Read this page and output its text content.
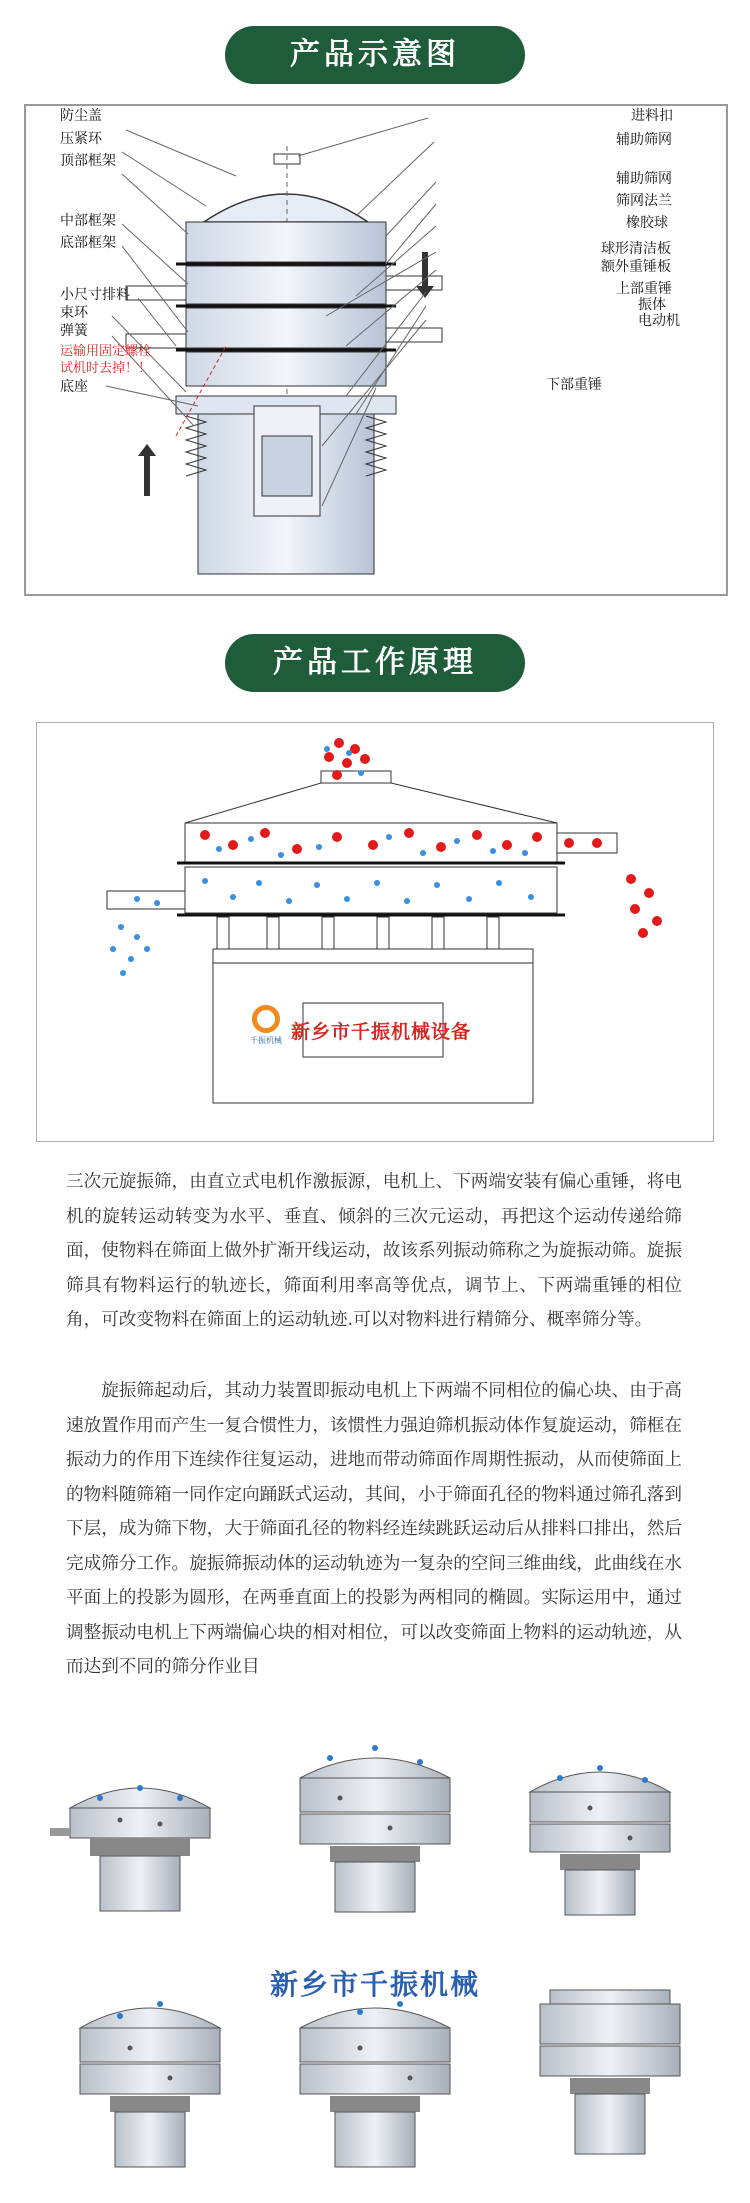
产品示意图
防尘盖
压紧环
顶部框架
中部框架
底部框架
小尺寸排料
束环
弹簧
运输用固定螺栓
试机时去掉！！
底座
进料扣
辅助筛网
辅助筛网
筛网法兰
橡胶球
球形清洁板
额外重锤板
上部重锤
振体
电动机
下部重锤
产品工作原理
千振机械 新乡市千振机械设备
三次元旋振筛，由直立式电机作激振源，电机上、下两端安装有偏心重锤，将电机的旋转运动转变为水平、垂直、倾斜的三次元运动，再把这个运动传递给筛面，使物料在筛面上做外扩渐开线运动，故该系列振动筛称之为旋振动筛。旋振筛具有物料运行的轨迹长，筛面利用率高等优点，调节上、下两端重锤的相位角，可改变物料在筛面上的运动轨迹.可以对物料进行精筛分、概率筛分等。
旋振筛起动后，其动力装置即振动电机上下两端不同相位的偏心块、由于高速放置作用而产生一复合惯性力，该惯性力强迫筛机振动体作复旋运动，筛框在振动力的作用下连续作往复运动，进地而带动筛面作周期性振动，从而使筛面上的物料随筛箱一同作定向踊跃式运动，其间，小于筛面孔径的物料通过筛孔落到下层，成为筛下物，大于筛面孔径的物料经连续跳跃运动后从排料口排出，然后完成筛分工作。旋振筛振动体的运动轨迹为一复杂的空间三维曲线，此曲线在水平面上的投影为圆形，在两垂直面上的投影为两相同的椭圆。实际运用中，通过调整振动电机上下两端偏心块的相对相位，可以改变筛面上物料的运动轨迹，从而达到不同的筛分作业目
新乡市千振机械
